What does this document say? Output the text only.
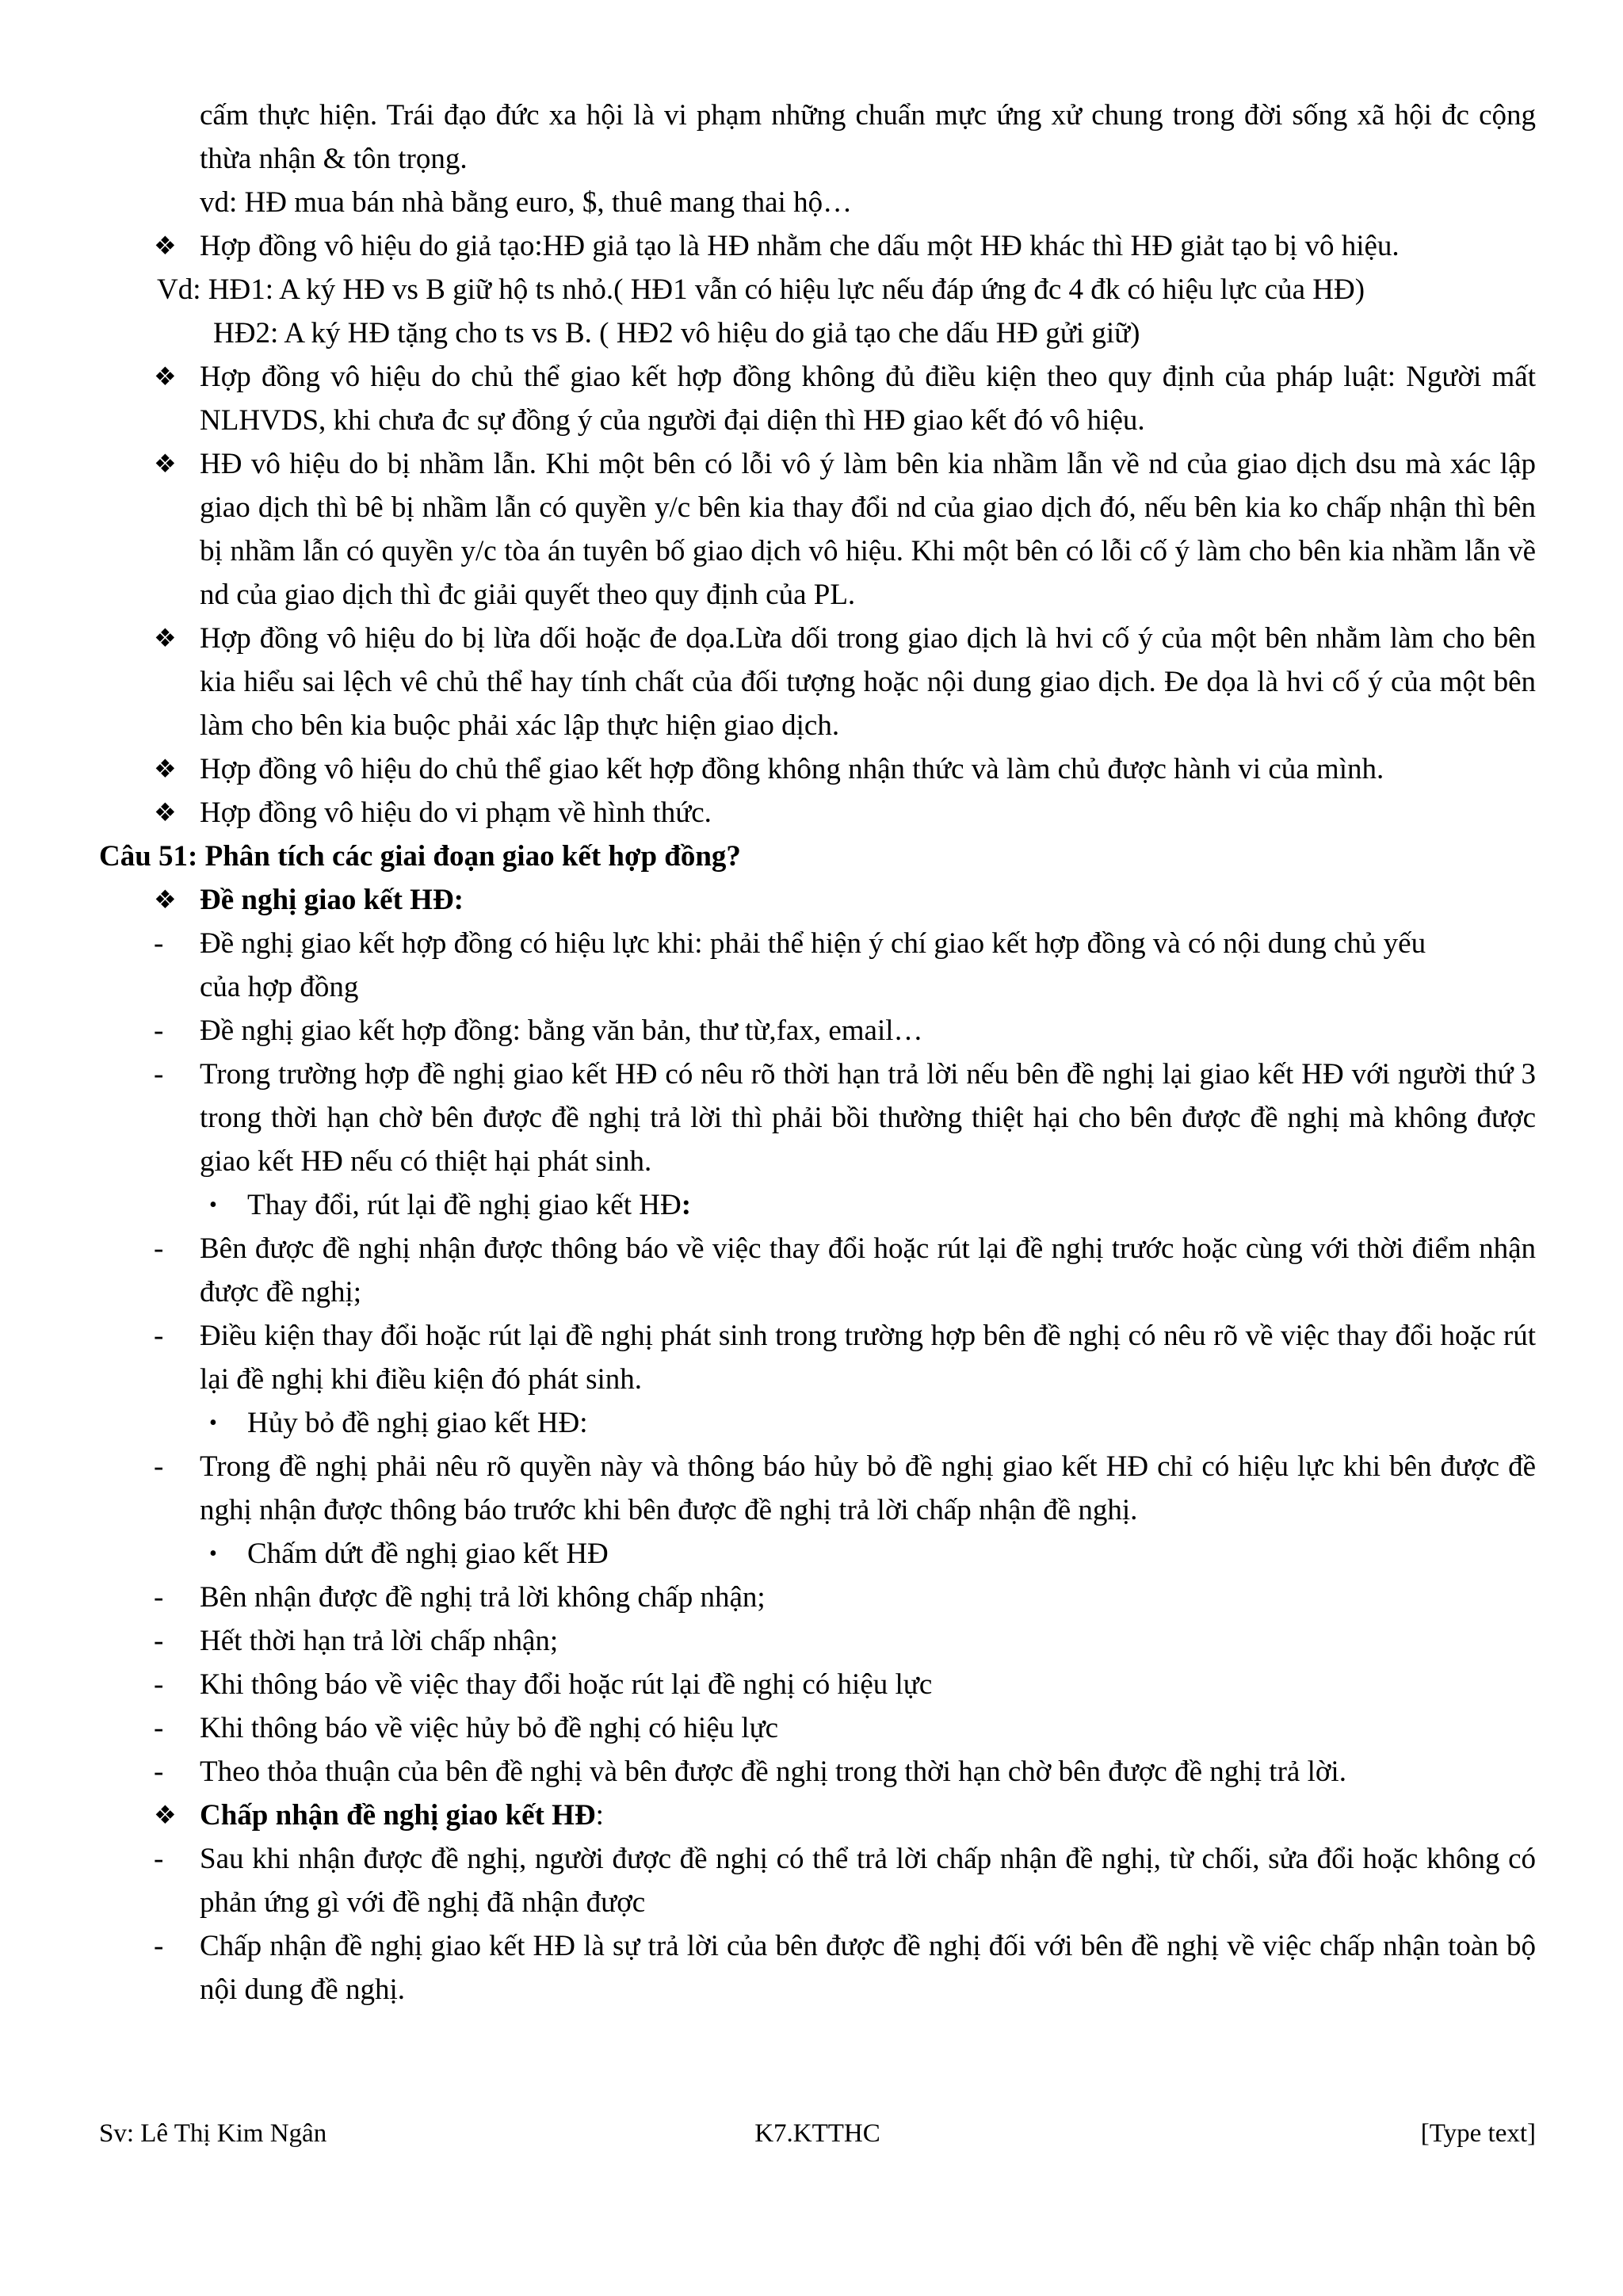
cấm thực hiện. Trái đạo đức xa hội là vi phạm những chuẩn mực ứng xử chung trong đời sống xã hội đc cộng thừa nhận & tôn trọng.
vd: HĐ mua bán nhà bằng euro, $, thuê mang thai hộ…
❖ Hợp đồng vô hiệu do giả tạo:HĐ giả tạo là HĐ nhằm che dấu một HĐ khác thì HĐ giảt tạo bị vô hiệu.
Vd: HĐ1: A ký HĐ vs B giữ hộ ts nhỏ.( HĐ1 vẫn có hiệu lực nếu đáp ứng đc 4 đk có hiệu lực của HĐ)
HĐ2: A ký HĐ tặng cho ts vs B. ( HĐ2 vô hiệu do giả tạo che dấu HĐ gửi giữ)
❖ Hợp đồng vô hiệu do chủ thể giao kết hợp đồng không đủ điều kiện theo quy định của pháp luật: Người mất NLHVDS, khi chưa đc sự đồng ý của người đại diện thì HĐ giao kết đó vô hiệu.
❖ HĐ vô hiệu do bị nhầm lẫn. Khi một bên có lỗi vô ý làm bên kia nhầm lẫn về nd của giao dịch dsu mà xác lập giao dịch thì bê bị nhầm lẫn có quyền y/c bên kia thay đổi nd của giao dịch đó, nếu bên kia ko chấp nhận thì bên bị nhầm lẫn có quyền y/c tòa án tuyên bố giao dịch vô hiệu. Khi một bên có lỗi cố ý làm cho bên kia nhầm lẫn về nd của giao dịch thì đc giải quyết theo quy định của PL.
❖ Hợp đồng vô hiệu do bị lừa dối hoặc đe dọa.Lừa dối trong giao dịch là hvi cố ý của một bên nhằm làm cho bên kia hiểu sai lệch vê chủ thể hay tính chất của đối tượng hoặc nội dung giao dịch. Đe dọa là hvi cố ý của một bên làm cho bên kia buộc phải xác lập thực hiện giao dịch.
❖ Hợp đồng vô hiệu do chủ thể giao kết hợp đồng không nhận thức và làm chủ được hành vi của mình.
❖ Hợp đồng vô hiệu do vi phạm về hình thức.
Câu 51: Phân tích các giai đoạn giao kết hợp đồng?
❖ Đề nghị giao kết HĐ:
- Đề nghị giao kết hợp đồng có hiệu lực khi: phải thể hiện ý chí giao kết hợp đồng và có nội dung chủ yếu
của hợp đồng
- Đề nghị giao kết hợp đồng: bằng văn bản, thư từ,fax, email…
- Trong trường hợp đề nghị giao kết HĐ có nêu rõ thời hạn trả lời nếu bên đề nghị lại giao kết HĐ với người thứ 3 trong thời hạn chờ bên được đề nghị trả lời thì phải bồi thường thiệt hại cho bên được đề nghị mà không được giao kết HĐ nếu có thiệt hại phát sinh.
• Thay đổi, rút lại đề nghị giao kết HĐ:
- Bên được đề nghị nhận được thông báo về việc thay đổi hoặc rút lại đề nghị trước hoặc cùng với thời điểm nhận được đề nghị;
- Điều kiện thay đổi hoặc rút lại đề nghị phát sinh trong trường hợp bên đề nghị có nêu rõ về việc thay đổi hoặc rút lại đề nghị khi điều kiện đó phát sinh.
• Hủy bỏ đề nghị giao kết HĐ:
- Trong đề nghị phải nêu rõ quyền này và thông báo hủy bỏ đề nghị giao kết HĐ chỉ có hiệu lực khi bên được đề nghị nhận được thông báo trước khi bên được đề nghị trả lời chấp nhận đề nghị.
• Chấm dứt đề nghị giao kết HĐ
- Bên nhận được đề nghị trả lời không chấp nhận;
- Hết thời hạn trả lời chấp nhận;
- Khi thông báo về việc thay đổi hoặc rút lại đề nghị có hiệu lực
- Khi thông báo về việc hủy bỏ đề nghị có hiệu lực
- Theo thỏa thuận của bên đề nghị và bên được đề nghị trong thời hạn chờ bên được đề nghị trả lời.
❖ Chấp nhận đề nghị giao kết HĐ:
- Sau khi nhận được đề nghị, người được đề nghị có thể trả lời chấp nhận đề nghị, từ chối, sửa đổi hoặc không có phản ứng gì với đề nghị đã nhận được
- Chấp nhận đề nghị giao kết HĐ là sự trả lời của bên được đề nghị đối với bên đề nghị về việc chấp nhận toàn bộ nội dung đề nghị.
Sv: Lê Thị Kim Ngân	K7.KTTHC	[Type text]
